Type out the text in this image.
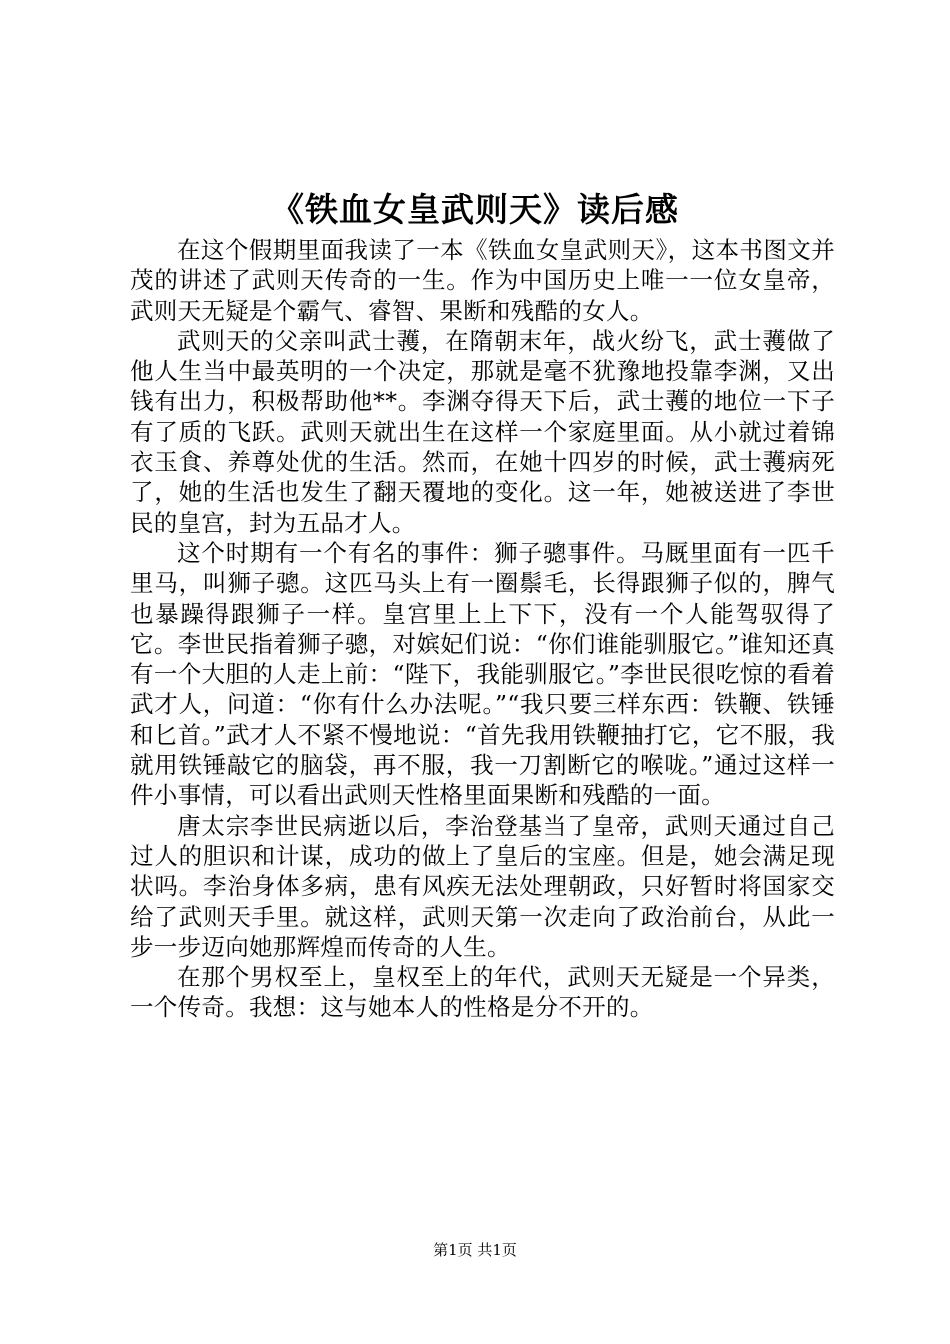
《铁血女皇武则天》读后感

在这个假期里面我读了一本《铁血女皇武则天》，这本书图文并茂的讲述了武则天传奇的一生。作为中国历史上唯一一位女皇帝，武则天无疑是个霸气、睿智、果断和残酷的女人。

武则天的父亲叫武士彟，在隋朝末年，战火纷飞，武士彟做了他人生当中最英明的一个决定，那就是毫不犹豫地投靠李渊，又出钱有出力，积极帮助他**。李渊夺得天下后，武士彟的地位一下子有了质的飞跃。武则天就出生在这样一个家庭里面。从小就过着锦衣玉食、养尊处优的生活。然而，在她十四岁的时候，武士彟病死了，她的生活也发生了翻天覆地的变化。这一年，她被送进了李世民的皇宫，封为五品才人。

这个时期有一个有名的事件：狮子骢事件。马厩里面有一匹千里马，叫狮子骢。这匹马头上有一圈鬃毛，长得跟狮子似的，脾气也暴躁得跟狮子一样。皇宫里上上下下，没有一个人能驾驭得了它。李世民指着狮子骢，对嫔妃们说：“你们谁能驯服它。”谁知还真有一个大胆的人走上前：“陛下，我能驯服它。”李世民很吃惊的看着武才人，问道：“你有什么办法呢。”“我只要三样东西：铁鞭、铁锤和匕首。”武才人不紧不慢地说：“首先我用铁鞭抽打它，它不服，我就用铁锤敲它的脑袋，再不服，我一刀割断它的喉咙。”通过这样一件小事情，可以看出武则天性格里面果断和残酷的一面。

唐太宗李世民病逝以后，李治登基当了皇帝，武则天通过自己过人的胆识和计谋，成功的做上了皇后的宝座。但是，她会满足现状吗。李治身体多病，患有风疾无法处理朝政，只好暂时将国家交给了武则天手里。就这样，武则天第一次走向了政治前台，从此一步一步迈向她那辉煌而传奇的人生。

在那个男权至上，皇权至上的年代，武则天无疑是一个异类，一个传奇。我想：这与她本人的性格是分不开的。

第1页 共1页
